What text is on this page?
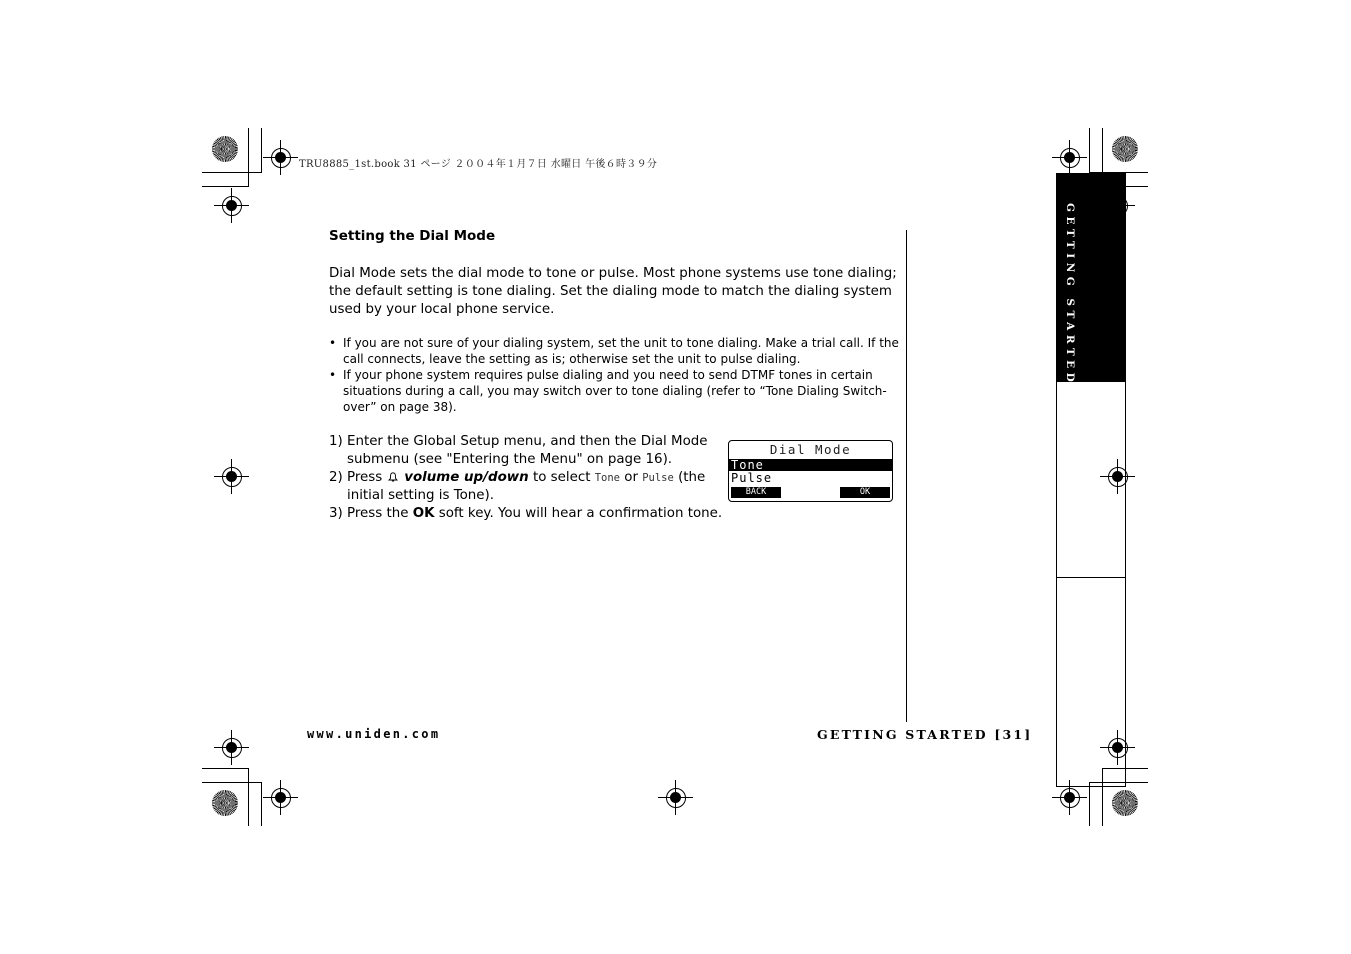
TRU8885_1st.book 31 ページ ２００４年１月７日 水曜日 午後６時３９分
GETTING STARTED
Setting the Dial Mode
Dial Mode sets the dial mode to tone or pulse. Most phone systems use tone dialing; the default setting is tone dialing. Set the dialing mode to match the dialing system used by your local phone service.
• If you are not sure of your dialing system, set the unit to tone dialing. Make a trial call. If the call connects, leave the setting as is; otherwise set the unit to pulse dialing.
• If your phone system requires pulse dialing and you need to send DTMF tones in certain situations during a call, you may switch over to tone dialing (refer to “Tone Dialing Switch-over” on page 38).
1) Enter the Global Setup menu, and then the Dial Mode submenu (see "Entering the Menu" on page 16).
2) Press volume up/down to select Tone or Pulse (the initial setting is Tone).
3) Press the OK soft key. You will hear a confirmation tone.
Dial Mode
Tone
Pulse
BACK	OK
www.uniden.com	GETTING STARTED [31]
